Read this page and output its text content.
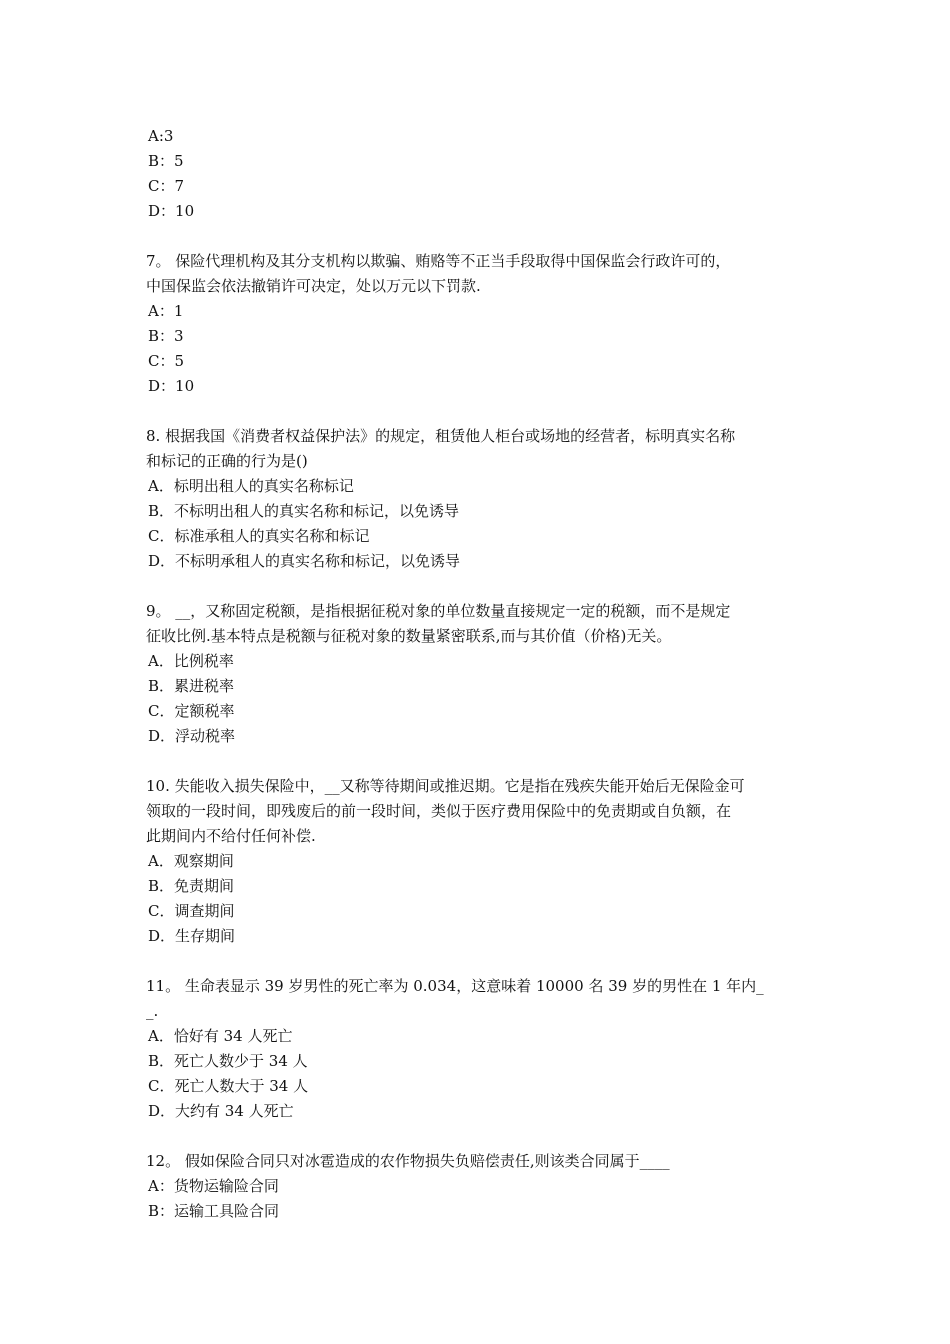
A:3
B：5
C：7
D：10
7。 保险代理机构及其分支机构以欺骗、贿赂等不正当手段取得中国保监会行政许可的，
中国保监会依法撤销许可决定，处以万元以下罚款.
A：1
B：3
C：5
D：10
8. 根据我国《消费者权益保护法》的规定，租赁他人柜台或场地的经营者，标明真实名称
和标记的正确的行为是()
A．标明出租人的真实名称标记
B．不标明出租人的真实名称和标记，以免诱导
C．标准承租人的真实名称和标记
D．不标明承租人的真实名称和标记，以免诱导
9。 __，又称固定税额，是指根据征税对象的单位数量直接规定一定的税额，而不是规定
征收比例.基本特点是税额与征税对象的数量紧密联系,而与其价值（价格)无关。
A．比例税率
B．累进税率
C．定额税率
D．浮动税率
10. 失能收入损失保险中，__又称等待期间或推迟期。它是指在残疾失能开始后无保险金可
领取的一段时间，即残废后的前一段时间，类似于医疗费用保险中的免责期或自负额，在
此期间内不给付任何补偿.
A．观察期间
B．免责期间
C．调查期间
D．生存期间
11。 生命表显示 39 岁男性的死亡率为 0.034，这意味着 10000 名 39 岁的男性在 1 年内_
_.
A．恰好有 34 人死亡
B．死亡人数少于 34 人
C．死亡人数大于 34 人
D．大约有 34 人死亡
12。 假如保险合同只对冰雹造成的农作物损失负赔偿责任,则该类合同属于____
A：货物运输险合同
B：运输工具险合同
